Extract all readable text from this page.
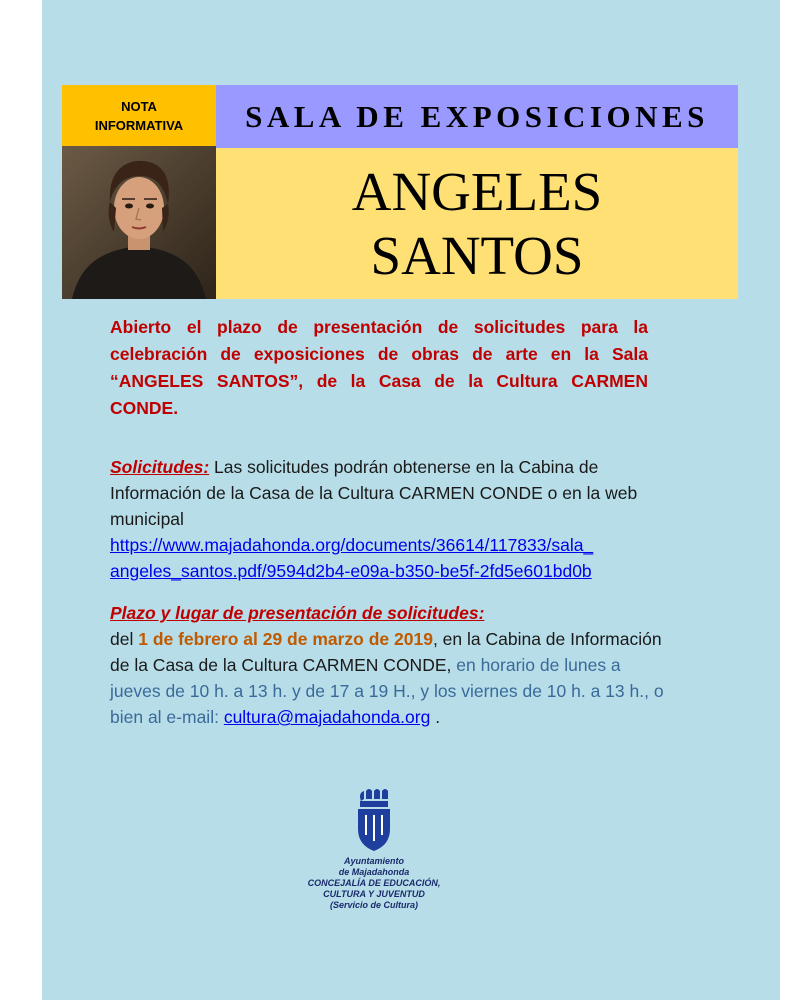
NOTA
INFORMATIVA	SALA DE EXPOSICIONES
ANGELES
SANTOS
Abierto el plazo de presentación de solicitudes para la celebración de exposiciones de obras de arte en la Sala “ANGELES SANTOS”, de la Casa de la Cultura CARMEN CONDE.
Solicitudes: Las solicitudes podrán obtenerse en la Cabina de Información de la Casa de la Cultura CARMEN CONDE o en la web municipal
https://www.majadahonda.org/documents/36614/117833/sala_
angeles_santos.pdf/9594d2b4-e09a-b350-be5f-2fd5e601bd0b
Plazo y lugar de presentación de solicitudes:
del 1 de febrero al 29 de marzo de 2019, en la Cabina de Información de la Casa de la Cultura CARMEN CONDE, en horario de lunes a jueves de 10 h. a 13 h. y de 17 a 19 H., y los viernes de 10 h. a 13 h., o bien al e-mail: cultura@majadahonda.org .
Ayuntamiento
de Majadahonda
CONCEJALÍA DE EDUCACIÓN,
CULTURA Y JUVENTUD
(Servicio de Cultura)
